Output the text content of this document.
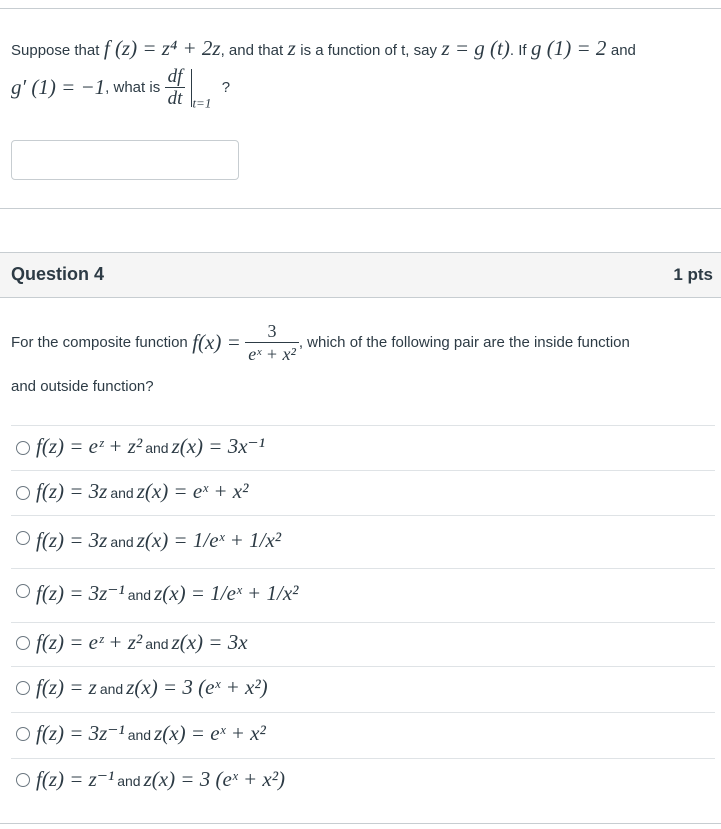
Suppose that f (z) = z⁴ + 2z, and that z is a function of t, say z = g (t). If g (1) = 2 and
g′ (1) = −1, what is $\frac{df}{dt} _{t=1}$ ?
Question 4	1 pts
For the composite function $f(x) = \frac{3}{\text{eˣ + x²}}$ , which of the following pair are the inside function
and outside function?
f(z) = eᶻ + z² and z(x) = 3x⁻¹
f(z) = 3z and z(x) = eˣ + x²
f(z) = 3z and z(x) = 1/eˣ + 1/x²
f(z) = 3z⁻¹ and z(x) = 1/eˣ + 1/x²
f(z) = eᶻ + z² and z(x) = 3x
f(z) = z and z(x) = 3 (eˣ + x²)
f(z) = 3z⁻¹ and z(x) = eˣ + x²
f(z) = z⁻¹ and z(x) = 3 (eˣ + x²)
